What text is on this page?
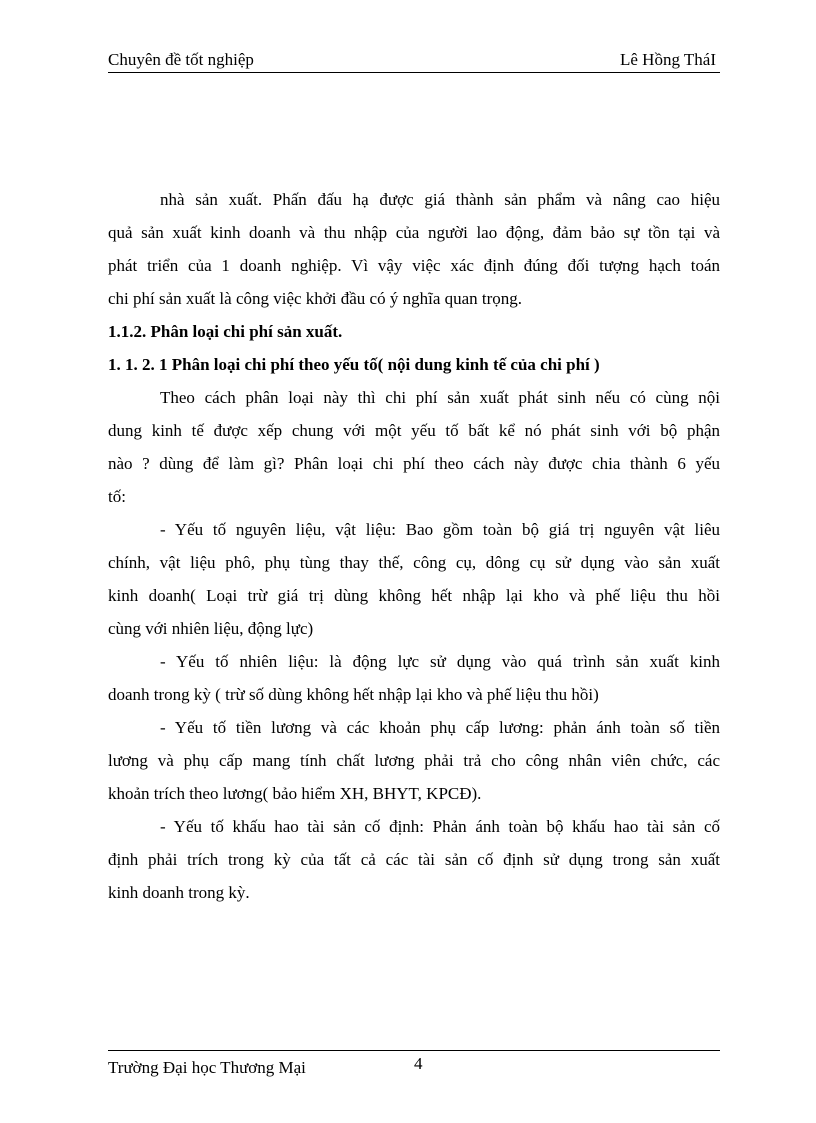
Chuyên đề tốt nghiệp	Lê Hồng TháI
nhà sản xuất. Phấn đấu hạ được giá thành sản phẩm và nâng cao hiệu
quả sản xuất kinh doanh và thu nhập của người lao động, đảm bảo sự tồn tại và
phát triển của 1 doanh nghiệp. Vì vậy việc xác định đúng đối tượng hạch toán
chi phí sản xuất là công việc khởi đầu có ý nghĩa quan trọng.
1.1.2. Phân loại chi phí sản xuất.
1. 1. 2. 1 Phân loại chi phí theo yếu tố( nội dung kinh tế của chi phí )
Theo cách phân loại này thì chi phí sản xuất phát sinh nếu có cùng nội
dung kinh tế được xếp chung với một yếu tố bất kể nó phát sinh với bộ phận
nào ? dùng để làm gì? Phân loại chi phí theo cách này được chia thành 6 yếu
tố:
- Yếu tố nguyên liệu, vật liệu: Bao gồm toàn bộ giá trị nguyên vật liêu
chính, vật liệu phô, phụ tùng thay thế, công cụ, dông cụ sử dụng vào sản xuất
kinh doanh( Loại trừ giá trị dùng không hết nhập lại kho và phế liệu thu hồi
cùng với nhiên liệu, động lực)
- Yếu tố nhiên liệu: là động lực sử dụng vào quá trình sản xuất kinh
doanh trong kỳ ( trừ số dùng không hết nhập lại kho và phế liệu thu hồi)
- Yếu tố tiền lương và các khoản phụ cấp lương: phản ánh toàn số tiền
lương và phụ cấp mang tính chất lương phải trả cho công nhân viên chức, các
khoản trích theo lương( bảo hiểm XH, BHYT, KPCĐ).
- Yếu tố khấu hao tài sản cố định: Phản ánh toàn bộ khấu hao tài sản cố
định phải trích trong kỳ của tất cả các tài sản cố định sử dụng trong sản xuất
kinh doanh trong kỳ.
Trường Đại học Thương Mại	4
